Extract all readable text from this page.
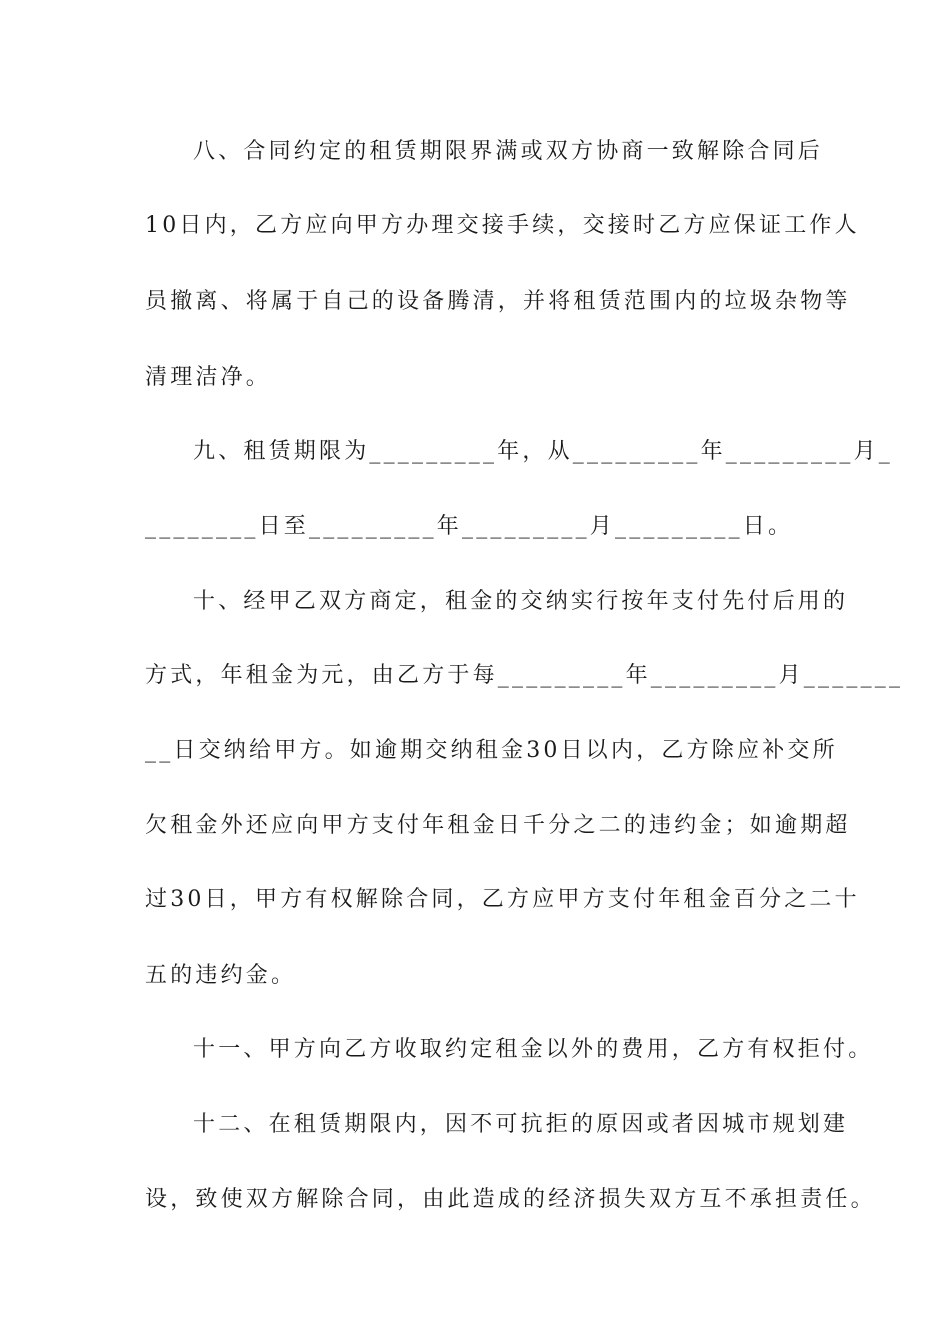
八、合同约定的租赁期限界满或双方协商一致解除合同后
10日内，乙方应向甲方办理交接手续，交接时乙方应保证工作人
员撤离、将属于自己的设备腾清，并将租赁范围内的垃圾杂物等
清理洁净。
九、租赁期限为_________年，从_________年_________月_
________日至_________年_________月_________日。
十、经甲乙双方商定，租金的交纳实行按年支付先付后用的
方式，年租金为元，由乙方于每_________年_________月_______
__日交纳给甲方。如逾期交纳租金30日以内，乙方除应补交所
欠租金外还应向甲方支付年租金日千分之二的违约金；如逾期超
过30日，甲方有权解除合同，乙方应甲方支付年租金百分之二十
五的违约金。
十一、甲方向乙方收取约定租金以外的费用，乙方有权拒付。
十二、在租赁期限内，因不可抗拒的原因或者因城市规划建
设，致使双方解除合同，由此造成的经济损失双方互不承担责任。
